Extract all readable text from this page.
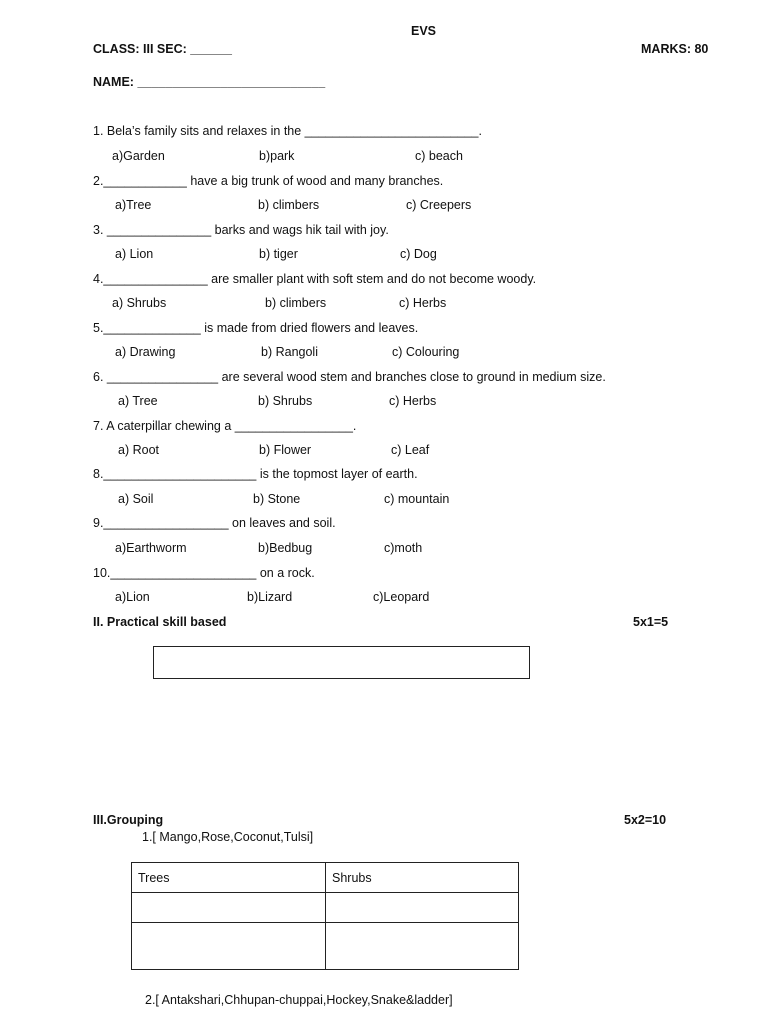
EVS
CLASS: III SEC: ______	MARKS: 80
NAME: ___________________________
1. Bela’s family sits and relaxes in the _________________________.
a)Garden	b)park	c) beach
2.____________ have a big trunk of wood and many branches.
a)Tree	b) climbers	c) Creepers
3. _______________ barks and wags hik tail with joy.
a) Lion	b) tiger	c) Dog
4._______________ are smaller plant with soft stem and do not become woody.
a) Shrubs	b) climbers	c) Herbs
5.______________ is made from dried flowers and leaves.
a) Drawing	b) Rangoli	c) Colouring
6. ________________ are several wood stem and branches close to ground in medium size.
a) Tree	b) Shrubs	c) Herbs
7. A caterpillar chewing a _________________.
a) Root	b) Flower	c) Leaf
8.______________________ is the topmost layer of earth.
a) Soil	b) Stone	c) mountain
9.__________________ on leaves and soil.
a)Earthworm	b)Bedbug	c)moth
10._____________________ on a rock.
a)Lion	b)Lizard	c)Leopard
II. Practical skill based	5x1=5
III.Grouping	5x2=10
1.[ Mango,Rose,Coconut,Tulsi]
Trees	Shrubs

2.[ Antakshari,Chhupan-chuppai,Hockey,Snake&ladder]
